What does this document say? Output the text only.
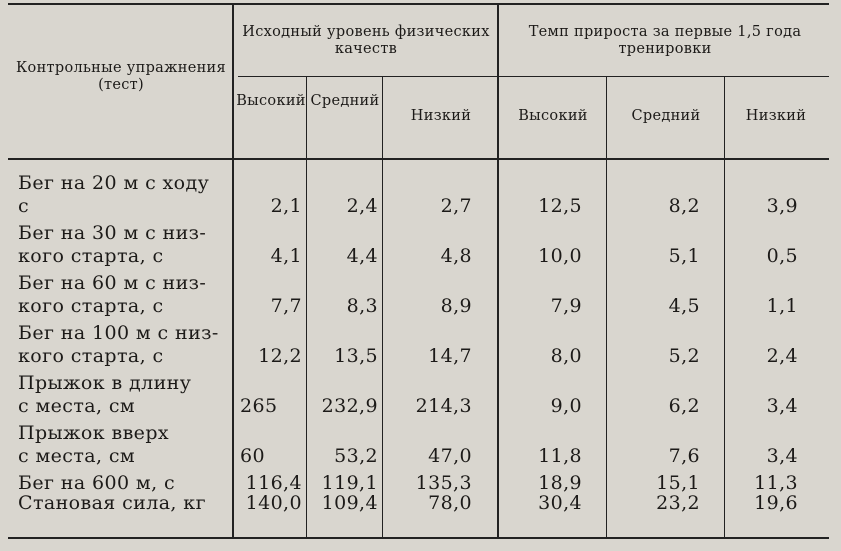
Контрольные упражнения (тест)
Исходный уровень физических качеств
Темп прироста за первые 1,5 года тренировки
Высокий Средний
Низкий	Высокий	Средний	Низкий
Бег на 20 м с ходу
с	2,1	2,4	2,7	12,5	8,2	3,9
Бег на 30 м с низ-
кого старта, с	4,1	4,4	4,8	10,0	5,1	0,5
Бег на 60 м с низ-
кого старта, с	7,7	8,3	8,9	7,9	4,5	1,1
Бег на 100 м с низ-
кого старта, с	12,2	13,5	14,7	8,0	5,2	2,4
Прыжок в длину
с места, см	265	232,9	214,3	9,0	6,2	3,4
Прыжок вверх
с места, см	60	53,2	47,0	11,8	7,6	3,4
Бег на 600 м, с	116,4	119,1	135,3	18,9	15,1	11,3
Становая сила, кг	140,0	109,4	78,0	30,4	23,2	19,6
